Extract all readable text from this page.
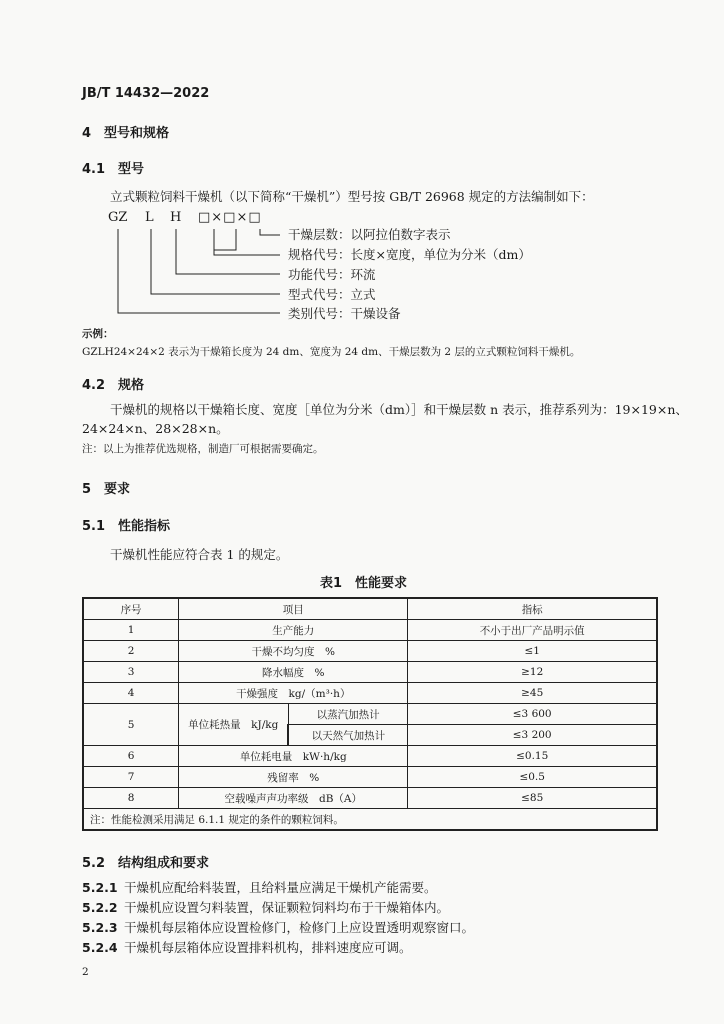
JB/T 14432—2022
4　型号和规格
4.1　型号
立式颗粒饲料干燥机（以下简称“干燥机”）型号按 GB/T 26968 规定的方法编制如下：
GZ L H □×□×□
干燥层数：以阿拉伯数字表示
规格代号：长度×宽度，单位为分米（dm）
功能代号：环流
型式代号：立式
类别代号：干燥设备
示例：
GZLH24×24×2 表示为干燥箱长度为 24 dm、宽度为 24 dm、干燥层数为 2 层的立式颗粒饲料干燥机。
4.2　规格
干燥机的规格以干燥箱长度、宽度［单位为分米（dm）］和干燥层数 n 表示，推荐系列为：19×19×n、
24×24×n、28×28×n。
注：以上为推荐优选规格，制造厂可根据需要确定。
5　要求
5.1　性能指标
干燥机性能应符合表 1 的规定。
表1　性能要求
序号	项目		指标
1	生产能力		不小于出厂产品明示值
2	干燥不均匀度　%		≤1
3	降水幅度　%		≥12
4	干燥强度　kg/（m³·h）		≥45
5	单位耗热量　kJ/kg	以蒸汽加热计	≤3 600
		以天然气加热计	≤3 200
6	单位耗电量　kW·h/kg		≤0.15
7	残留率　%		≤0.5
8	空载噪声声功率级　dB（A）		≤85
注：性能检测采用满足 6.1.1 规定的条件的颗粒饲料。			
5.2　结构组成和要求
5.2.1 干燥机应配给料装置，且给料量应满足干燥机产能需要。
5.2.2 干燥机应设置匀料装置，保证颗粒饲料均布于干燥箱体内。
5.2.3 干燥机每层箱体应设置检修门，检修门上应设置透明观察窗口。
5.2.4 干燥机每层箱体应设置排料机构，排料速度应可调。
2
